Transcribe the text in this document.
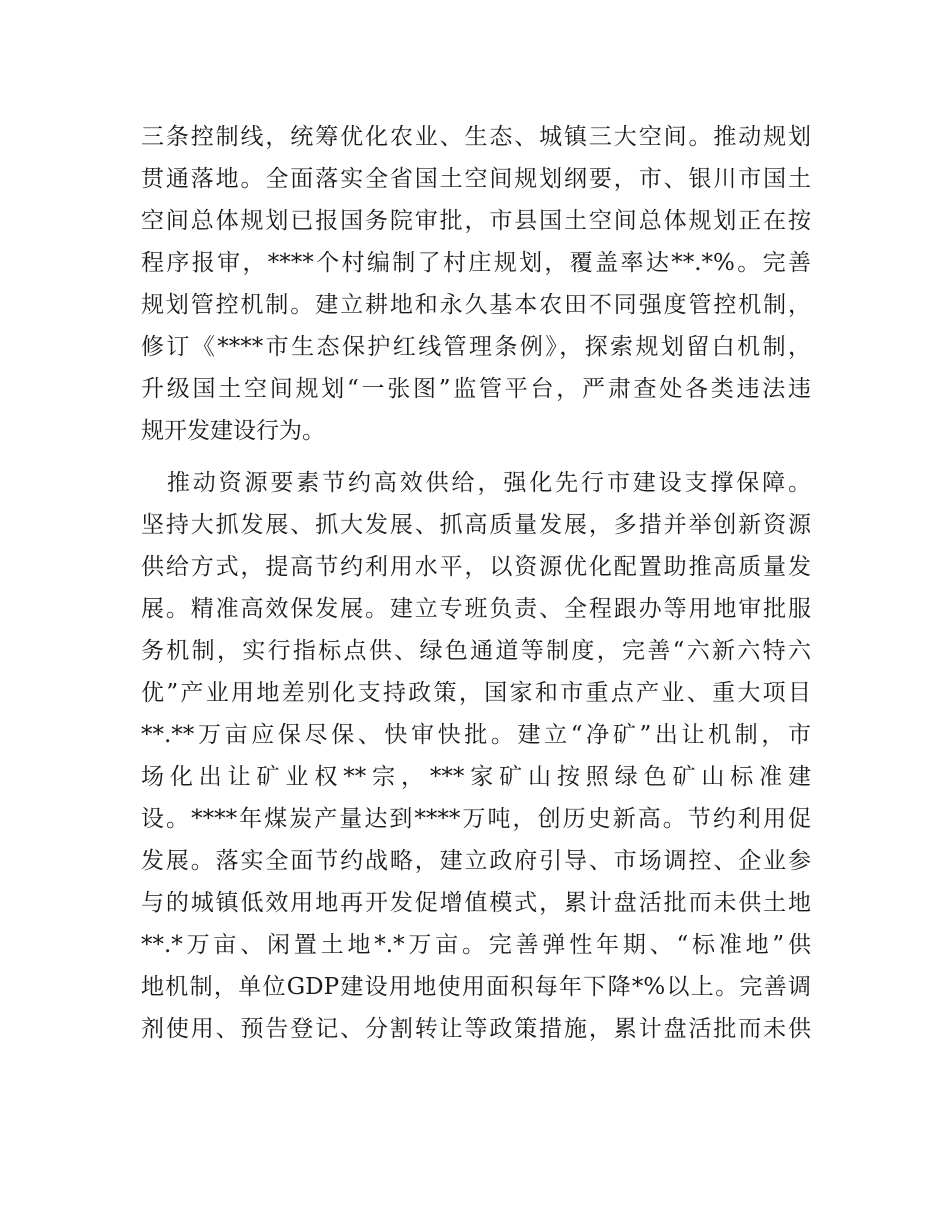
三条控制线，统筹优化农业、生态、城镇三大空间。推动规划
贯通落地。全面落实全省国土空间规划纲要，市、银川市国土
空间总体规划已报国务院审批，市县国土空间总体规划正在按
程序报审，****个村编制了村庄规划，覆盖率达**.*%。完善
规划管控机制。建立耕地和永久基本农田不同强度管控机制，
修订《****市生态保护红线管理条例》，探索规划留白机制，
升级国土空间规划“一张图”监管平台，严肃查处各类违法违
规开发建设行为。
　推动资源要素节约高效供给，强化先行市建设支撑保障。
坚持大抓发展、抓大发展、抓高质量发展，多措并举创新资源
供给方式，提高节约利用水平，以资源优化配置助推高质量发
展。精准高效保发展。建立专班负责、全程跟办等用地审批服
务机制，实行指标点供、绿色通道等制度，完善“六新六特六
优”产业用地差别化支持政策，国家和市重点产业、重大项目
**.**万亩应保尽保、快审快批。建立“净矿”出让机制，市
场化出让矿业权**宗，***家矿山按照绿色矿山标准建
设。****年煤炭产量达到****万吨，创历史新高。节约利用促
发展。落实全面节约战略，建立政府引导、市场调控、企业参
与的城镇低效用地再开发促增值模式，累计盘活批而未供土地
**.*万亩、闲置土地*.*万亩。完善弹性年期、“标准地”供
地机制，单位GDP建设用地使用面积每年下降*%以上。完善调
剂使用、预告登记、分割转让等政策措施，累计盘活批而未供
